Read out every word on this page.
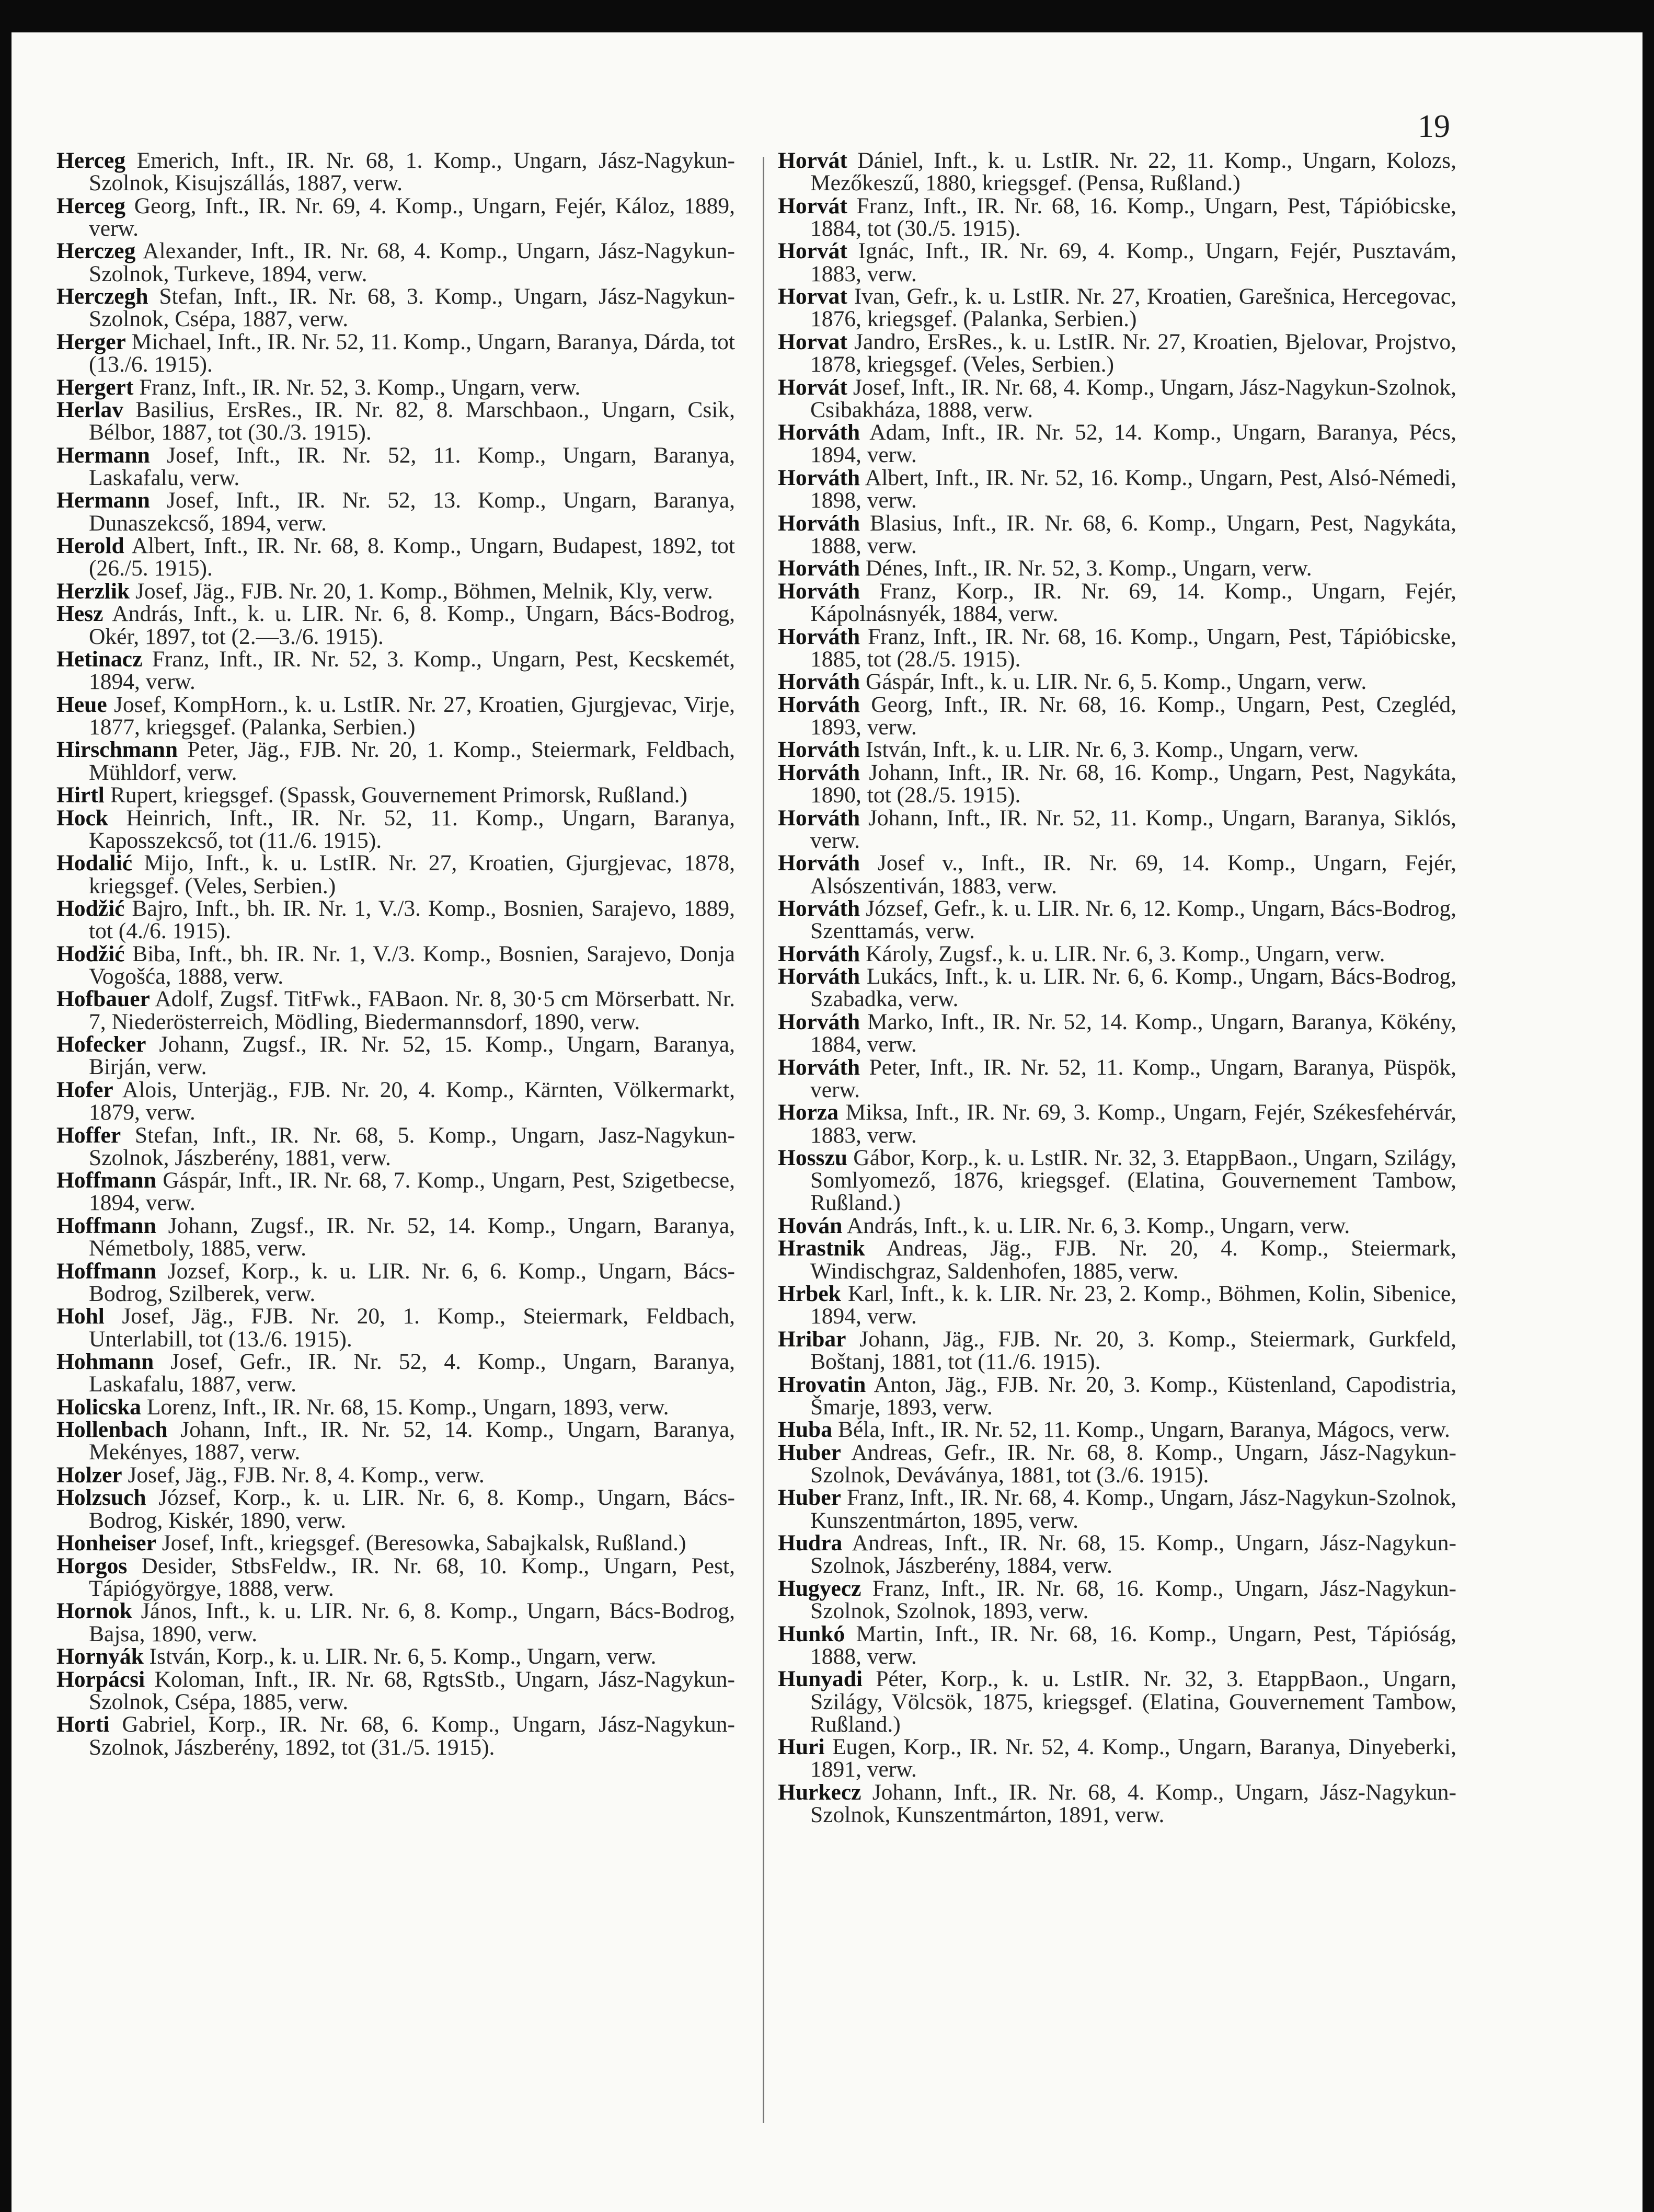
19

Herceg Emerich, Inft., IR. Nr. 68, 1. Komp., Ungarn, Jász-Nagykun-Szolnok, Kisujszállás, 1887, verw.

Herceg Georg, Inft., IR. Nr. 69, 4. Komp., Ungarn, Fejér, Káloz, 1889, verw.

Herczeg Alexander, Inft., IR. Nr. 68, 4. Komp., Ungarn, Jász-Nagykun-Szolnok, Turkeve, 1894, verw.

Herczegh Stefan, Inft., IR. Nr. 68, 3. Komp., Ungarn, Jász-Nagykun-Szolnok, Csépa, 1887, verw.

Herger Michael, Inft., IR. Nr. 52, 11. Komp., Ungarn, Baranya, Dárda, tot (13./6. 1915).

Hergert Franz, Inft., IR. Nr. 52, 3. Komp., Ungarn, verw.

Herlav Basilius, ErsRes., IR. Nr. 82, 8. Marschbaon., Ungarn, Csik, Bélbor, 1887, tot (30./3. 1915).

Hermann Josef, Inft., IR. Nr. 52, 11. Komp., Ungarn, Baranya, Laskafalu, verw.

Hermann Josef, Inft., IR. Nr. 52, 13. Komp., Ungarn, Baranya, Dunaszekcső, 1894, verw.

Herold Albert, Inft., IR. Nr. 68, 8. Komp., Ungarn, Budapest, 1892, tot (26./5. 1915).

Herzlik Josef, Jäg., FJB. Nr. 20, 1. Komp., Böhmen, Melnik, Kly, verw.

Hesz András, Inft., k. u. LIR. Nr. 6, 8. Komp., Ungarn, Bács-Bodrog, Okér, 1897, tot (2.—3./6. 1915).

Hetinacz Franz, Inft., IR. Nr. 52, 3. Komp., Ungarn, Pest, Kecskemét, 1894, verw.

Heue Josef, KompHorn., k. u. LstIR. Nr. 27, Kroatien, Gjurgjevac, Virje, 1877, kriegsgef. (Palanka, Serbien.)

Hirschmann Peter, Jäg., FJB. Nr. 20, 1. Komp., Steiermark, Feldbach, Mühldorf, verw.

Hirtl Rupert, kriegsgef. (Spassk, Gouvernement Primorsk, Rußland.)

Hock Heinrich, Inft., IR. Nr. 52, 11. Komp., Ungarn, Baranya, Kaposszekcső, tot (11./6. 1915).

Hodalić Mijo, Inft., k. u. LstIR. Nr. 27, Kroatien, Gjurgjevac, 1878, kriegsgef. (Veles, Serbien.)

Hodžić Bajro, Inft., bh. IR. Nr. 1, V./3. Komp., Bosnien, Sarajevo, 1889, tot (4./6. 1915).

Hodžić Biba, Inft., bh. IR. Nr. 1, V./3. Komp., Bosnien, Sarajevo, Donja Vogošća, 1888, verw.

Hofbauer Adolf, Zugsf. TitFwk., FABaon. Nr. 8, 30·5 cm Mörserbatt. Nr. 7, Niederösterreich, Mödling, Biedermannsdorf, 1890, verw.

Hofecker Johann, Zugsf., IR. Nr. 52, 15. Komp., Ungarn, Baranya, Birján, verw.

Hofer Alois, Unterjäg., FJB. Nr. 20, 4. Komp., Kärnten, Völkermarkt, 1879, verw.

Hoffer Stefan, Inft., IR. Nr. 68, 5. Komp., Ungarn, Jasz-Nagykun-Szolnok, Jászberény, 1881, verw.

Hoffmann Gáspár, Inft., IR. Nr. 68, 7. Komp., Ungarn, Pest, Szigetbecse, 1894, verw.

Hoffmann Johann, Zugsf., IR. Nr. 52, 14. Komp., Ungarn, Baranya, Németboly, 1885, verw.

Hoffmann Jozsef, Korp., k. u. LIR. Nr. 6, 6. Komp., Ungarn, Bács-Bodrog, Szilberek, verw.

Hohl Josef, Jäg., FJB. Nr. 20, 1. Komp., Steiermark, Feldbach, Unterlabill, tot (13./6. 1915).

Hohmann Josef, Gefr., IR. Nr. 52, 4. Komp., Ungarn, Baranya, Laskafalu, 1887, verw.

Holicska Lorenz, Inft., IR. Nr. 68, 15. Komp., Ungarn, 1893, verw.

Hollenbach Johann, Inft., IR. Nr. 52, 14. Komp., Ungarn, Baranya, Mekényes, 1887, verw.

Holzer Josef, Jäg., FJB. Nr. 8, 4. Komp., verw.

Holzsuch József, Korp., k. u. LIR. Nr. 6, 8. Komp., Ungarn, Bács-Bodrog, Kiskér, 1890, verw.

Honheiser Josef, Inft., kriegsgef. (Beresowka, Sabajkalsk, Rußland.)

Horgos Desider, StbsFeldw., IR. Nr. 68, 10. Komp., Ungarn, Pest, Tápiógyörgye, 1888, verw.

Hornok János, Inft., k. u. LIR. Nr. 6, 8. Komp., Ungarn, Bács-Bodrog, Bajsa, 1890, verw.

Hornyák István, Korp., k. u. LIR. Nr. 6, 5. Komp., Ungarn, verw.

Horpácsi Koloman, Inft., IR. Nr. 68, RgtsStb., Ungarn, Jász-Nagykun-Szolnok, Csépa, 1885, verw.

Horti Gabriel, Korp., IR. Nr. 68, 6. Komp., Ungarn, Jász-Nagykun-Szolnok, Jászberény, 1892, tot (31./5. 1915).

Horvát Dániel, Inft., k. u. LstIR. Nr. 22, 11. Komp., Ungarn, Kolozs, Mezőkeszű, 1880, kriegsgef. (Pensa, Rußland.)

Horvát Franz, Inft., IR. Nr. 68, 16. Komp., Ungarn, Pest, Tápióbicske, 1884, tot (30./5. 1915).

Horvát Ignác, Inft., IR. Nr. 69, 4. Komp., Ungarn, Fejér, Pusztavám, 1883, verw.

Horvat Ivan, Gefr., k. u. LstIR. Nr. 27, Kroatien, Garešnica, Hercegovac, 1876, kriegsgef. (Palanka, Serbien.)

Horvat Jandro, ErsRes., k. u. LstIR. Nr. 27, Kroatien, Bjelovar, Projstvo, 1878, kriegsgef. (Veles, Serbien.)

Horvát Josef, Inft., IR. Nr. 68, 4. Komp., Ungarn, Jász-Nagykun-Szolnok, Csibakháza, 1888, verw.

Horváth Adam, Inft., IR. Nr. 52, 14. Komp., Ungarn, Baranya, Pécs, 1894, verw.

Horváth Albert, Inft., IR. Nr. 52, 16. Komp., Ungarn, Pest, Alsó-Némedi, 1898, verw.

Horváth Blasius, Inft., IR. Nr. 68, 6. Komp., Ungarn, Pest, Nagykáta, 1888, verw.

Horváth Dénes, Inft., IR. Nr. 52, 3. Komp., Ungarn, verw.

Horváth Franz, Korp., IR. Nr. 69, 14. Komp., Ungarn, Fejér, Kápolnásnyék, 1884, verw.

Horváth Franz, Inft., IR. Nr. 68, 16. Komp., Ungarn, Pest, Tápióbicske, 1885, tot (28./5. 1915).

Horváth Gáspár, Inft., k. u. LIR. Nr. 6, 5. Komp., Ungarn, verw.

Horváth Georg, Inft., IR. Nr. 68, 16. Komp., Ungarn, Pest, Czegléd, 1893, verw.

Horváth István, Inft., k. u. LIR. Nr. 6, 3. Komp., Ungarn, verw.

Horváth Johann, Inft., IR. Nr. 68, 16. Komp., Ungarn, Pest, Nagykáta, 1890, tot (28./5. 1915).

Horváth Johann, Inft., IR. Nr. 52, 11. Komp., Ungarn, Baranya, Siklós, verw.

Horváth Josef v., Inft., IR. Nr. 69, 14. Komp., Ungarn, Fejér, Alsószentiván, 1883, verw.

Horváth József, Gefr., k. u. LIR. Nr. 6, 12. Komp., Ungarn, Bács-Bodrog, Szenttamás, verw.

Horváth Károly, Zugsf., k. u. LIR. Nr. 6, 3. Komp., Ungarn, verw.

Horváth Lukács, Inft., k. u. LIR. Nr. 6, 6. Komp., Ungarn, Bács-Bodrog, Szabadka, verw.

Horváth Marko, Inft., IR. Nr. 52, 14. Komp., Ungarn, Baranya, Kökény, 1884, verw.

Horváth Peter, Inft., IR. Nr. 52, 11. Komp., Ungarn, Baranya, Püspök, verw.

Horza Miksa, Inft., IR. Nr. 69, 3. Komp., Ungarn, Fejér, Székesfehérvár, 1883, verw.

Hosszu Gábor, Korp., k. u. LstIR. Nr. 32, 3. EtappBaon., Ungarn, Szilágy, Somlyomező, 1876, kriegsgef. (Elatina, Gouvernement Tambow, Rußland.)

Hován András, Inft., k. u. LIR. Nr. 6, 3. Komp., Ungarn, verw.

Hrastnik Andreas, Jäg., FJB. Nr. 20, 4. Komp., Steiermark, Windischgraz, Saldenhofen, 1885, verw.

Hrbek Karl, Inft., k. k. LIR. Nr. 23, 2. Komp., Böhmen, Kolin, Sibenice, 1894, verw.

Hribar Johann, Jäg., FJB. Nr. 20, 3. Komp., Steiermark, Gurkfeld, Boštanj, 1881, tot (11./6. 1915).

Hrovatin Anton, Jäg., FJB. Nr. 20, 3. Komp., Küstenland, Capodistria, Šmarje, 1893, verw.

Huba Béla, Inft., IR. Nr. 52, 11. Komp., Ungarn, Baranya, Mágocs, verw.

Huber Andreas, Gefr., IR. Nr. 68, 8. Komp., Ungarn, Jász-Nagykun-Szolnok, Deváványa, 1881, tot (3./6. 1915).

Huber Franz, Inft., IR. Nr. 68, 4. Komp., Ungarn, Jász-Nagykun-Szolnok, Kunszentmárton, 1895, verw.

Hudra Andreas, Inft., IR. Nr. 68, 15. Komp., Ungarn, Jász-Nagykun-Szolnok, Jászberény, 1884, verw.

Hugyecz Franz, Inft., IR. Nr. 68, 16. Komp., Ungarn, Jász-Nagykun-Szolnok, Szolnok, 1893, verw.

Hunkó Martin, Inft., IR. Nr. 68, 16. Komp., Ungarn, Pest, Tápióság, 1888, verw.

Hunyadi Péter, Korp., k. u. LstIR. Nr. 32, 3. EtappBaon., Ungarn, Szilágy, Völcsök, 1875, kriegsgef. (Elatina, Gouvernement Tambow, Rußland.)

Huri Eugen, Korp., IR. Nr. 52, 4. Komp., Ungarn, Baranya, Dinyeberki, 1891, verw.

Hurkecz Johann, Inft., IR. Nr. 68, 4. Komp., Ungarn, Jász-Nagykun-Szolnok, Kunszentmárton, 1891, verw.
